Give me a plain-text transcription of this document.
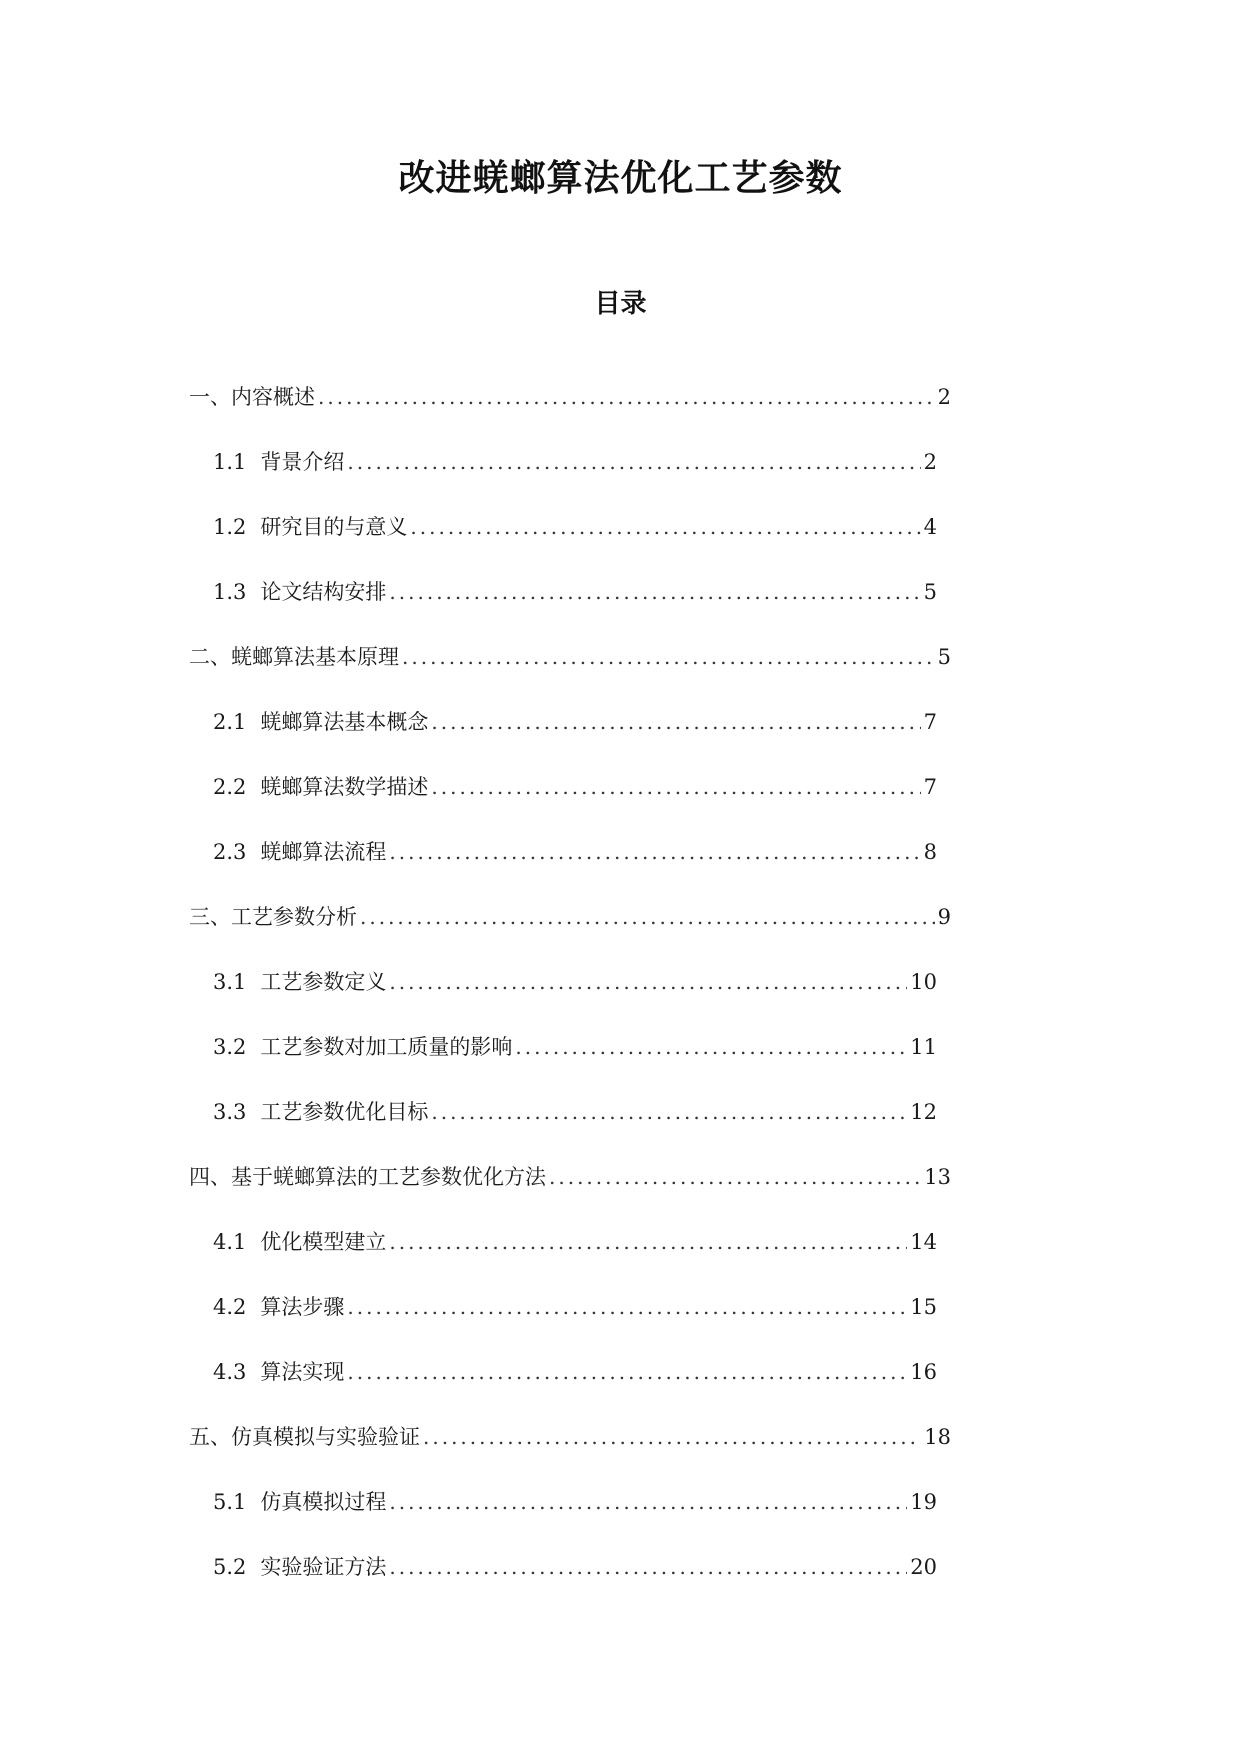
改进蜣螂算法优化工艺参数
目录
一、内容概述 .....	2
1.1 背景介绍 .....	2
1.2 研究目的与意义 .....	4
1.3 论文结构安排 .....	5
二、蜣螂算法基本原理 .....	5
2.1 蜣螂算法基本概念 .....	7
2.2 蜣螂算法数学描述 .....	7
2.3 蜣螂算法流程 .....	8
三、工艺参数分析 .....	9
3.1 工艺参数定义 .....	10
3.2 工艺参数对加工质量的影响 .....	11
3.3 工艺参数优化目标 .....	12
四、基于蜣螂算法的工艺参数优化方法 .....	13
4.1 优化模型建立 .....	14
4.2 算法步骤 .....	15
4.3 算法实现 .....	16
五、仿真模拟与实验验证 .....	18
5.1 仿真模拟过程 .....	19
5.2 实验验证方法 .....	20
